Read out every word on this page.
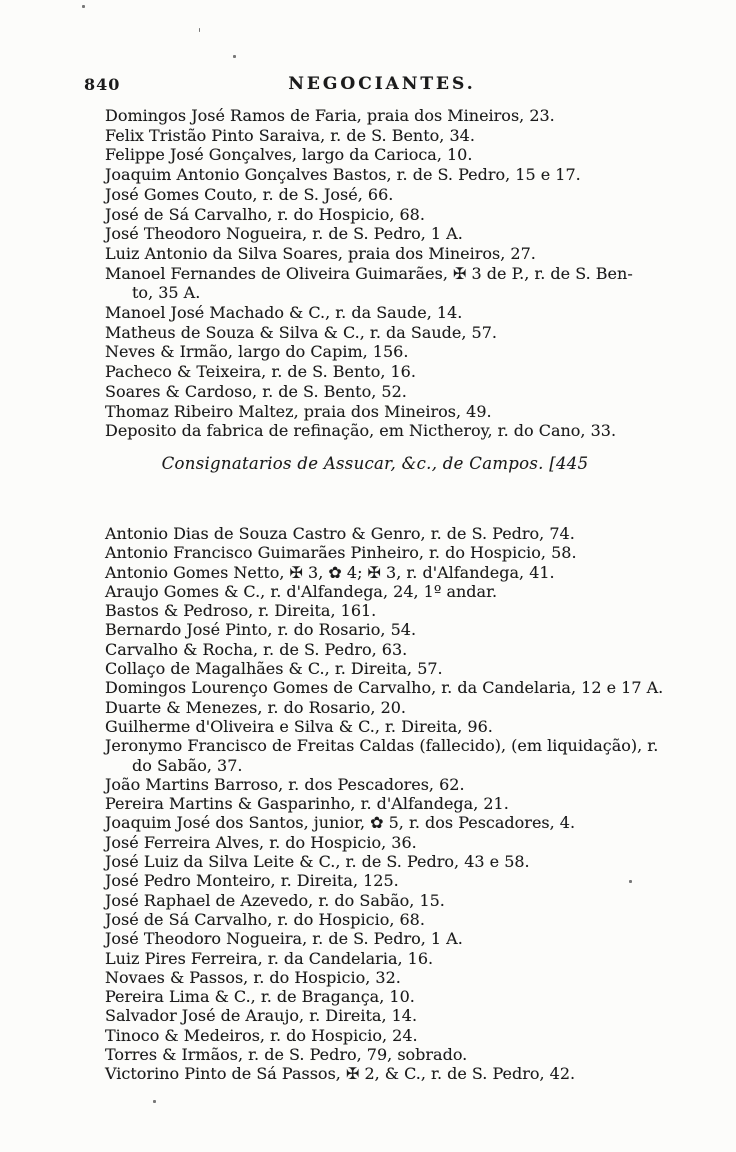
840	NEGOCIANTES.

Domingos José Ramos de Faria, praia dos Mineiros, 23.

Felix Tristão Pinto Saraiva, r. de S. Bento, 34.

Felippe José Gonçalves, largo da Carioca, 10.

Joaquim Antonio Gonçalves Bastos, r. de S. Pedro, 15 e 17.

José Gomes Couto, r. de S. José, 66.

José de Sá Carvalho, r. do Hospicio, 68.

José Theodoro Nogueira, r. de S. Pedro, 1 A.

Luiz Antonio da Silva Soares, praia dos Mineiros, 27.

Manoel Fernandes de Oliveira Guimarães, ✠ 3 de P., r. de S. Ben-

to, 35 A.

Manoel José Machado & C., r. da Saude, 14.

Matheus de Souza & Silva & C., r. da Saude, 57.

Neves & Irmão, largo do Capim, 156.

Pacheco & Teixeira, r. de S. Bento, 16.

Soares & Cardoso, r. de S. Bento, 52.

Thomaz Ribeiro Maltez, praia dos Mineiros, 49.

Deposito da fabrica de refinação, em Nictheroy, r. do Cano, 33.

Consignatarios de Assucar, &c., de Campos. [445

Antonio Dias de Souza Castro & Genro, r. de S. Pedro, 74.

Antonio Francisco Guimarães Pinheiro, r. do Hospicio, 58.

Antonio Gomes Netto, ✠ 3, ✿ 4; ✠ 3, r. d'Alfandega, 41.

Araujo Gomes & C., r. d'Alfandega, 24, 1º andar.

Bastos & Pedroso, r. Direita, 161.

Bernardo José Pinto, r. do Rosario, 54.

Carvalho & Rocha, r. de S. Pedro, 63.

Collaço de Magalhães & C., r. Direita, 57.

Domingos Lourenço Gomes de Carvalho, r. da Candelaria, 12 e 17 A.

Duarte & Menezes, r. do Rosario, 20.

Guilherme d'Oliveira e Silva & C., r. Direita, 96.

Jeronymo Francisco de Freitas Caldas (fallecido), (em liquidação), r.

do Sabão, 37.

João Martins Barroso, r. dos Pescadores, 62.

Pereira Martins & Gasparinho, r. d'Alfandega, 21.

Joaquim José dos Santos, junior, ✿ 5, r. dos Pescadores, 4.

José Ferreira Alves, r. do Hospicio, 36.

José Luiz da Silva Leite & C., r. de S. Pedro, 43 e 58.

José Pedro Monteiro, r. Direita, 125.

José Raphael de Azevedo, r. do Sabão, 15.

José de Sá Carvalho, r. do Hospicio, 68.

José Theodoro Nogueira, r. de S. Pedro, 1 A.

Luiz Pires Ferreira, r. da Candelaria, 16.

Novaes & Passos, r. do Hospicio, 32.

Pereira Lima & C., r. de Bragança, 10.

Salvador José de Araujo, r. Direita, 14.

Tinoco & Medeiros, r. do Hospicio, 24.

Torres & Irmãos, r. de S. Pedro, 79, sobrado.

Victorino Pinto de Sá Passos, ✠ 2, & C., r. de S. Pedro, 42.
